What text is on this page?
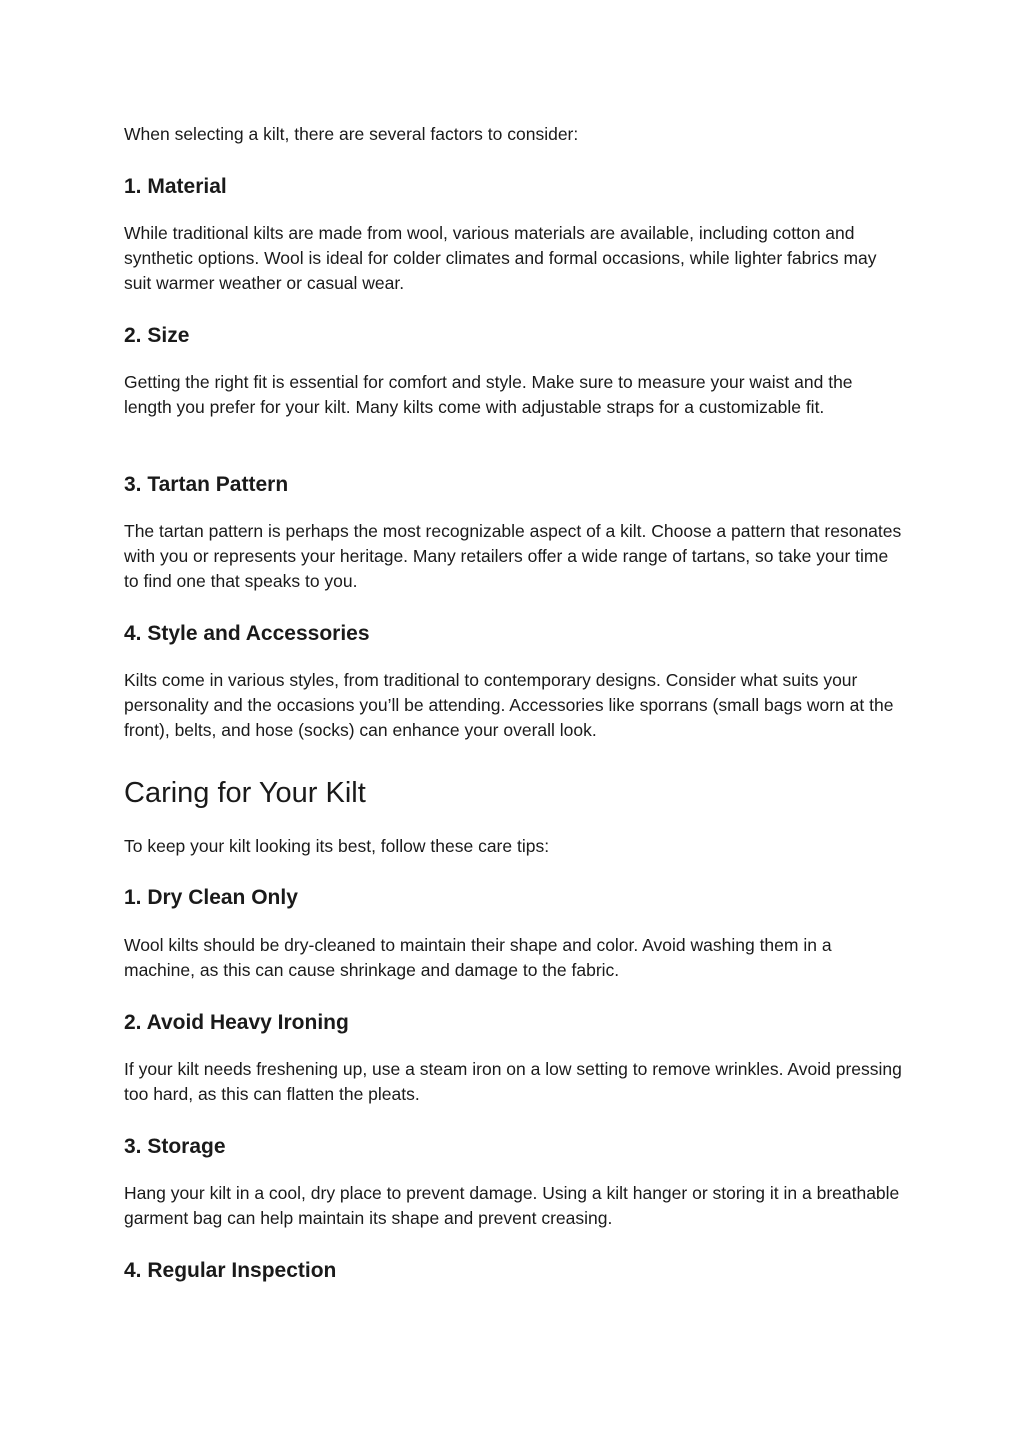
When selecting a kilt, there are several factors to consider:

1. Material

While traditional kilts are made from wool, various materials are available, including cotton and synthetic options. Wool is ideal for colder climates and formal occasions, while lighter fabrics may suit warmer weather or casual wear.

2. Size

Getting the right fit is essential for comfort and style. Make sure to measure your waist and the length you prefer for your kilt. Many kilts come with adjustable straps for a customizable fit.

3. Tartan Pattern

The tartan pattern is perhaps the most recognizable aspect of a kilt. Choose a pattern that resonates with you or represents your heritage. Many retailers offer a wide range of tartans, so take your time to find one that speaks to you.

4. Style and Accessories

Kilts come in various styles, from traditional to contemporary designs. Consider what suits your personality and the occasions you’ll be attending. Accessories like sporrans (small bags worn at the front), belts, and hose (socks) can enhance your overall look.

Caring for Your Kilt

To keep your kilt looking its best, follow these care tips:

1. Dry Clean Only

Wool kilts should be dry-cleaned to maintain their shape and color. Avoid washing them in a machine, as this can cause shrinkage and damage to the fabric.

2. Avoid Heavy Ironing

If your kilt needs freshening up, use a steam iron on a low setting to remove wrinkles. Avoid pressing too hard, as this can flatten the pleats.

3. Storage

Hang your kilt in a cool, dry place to prevent damage. Using a kilt hanger or storing it in a breathable garment bag can help maintain its shape and prevent creasing.

4. Regular Inspection
